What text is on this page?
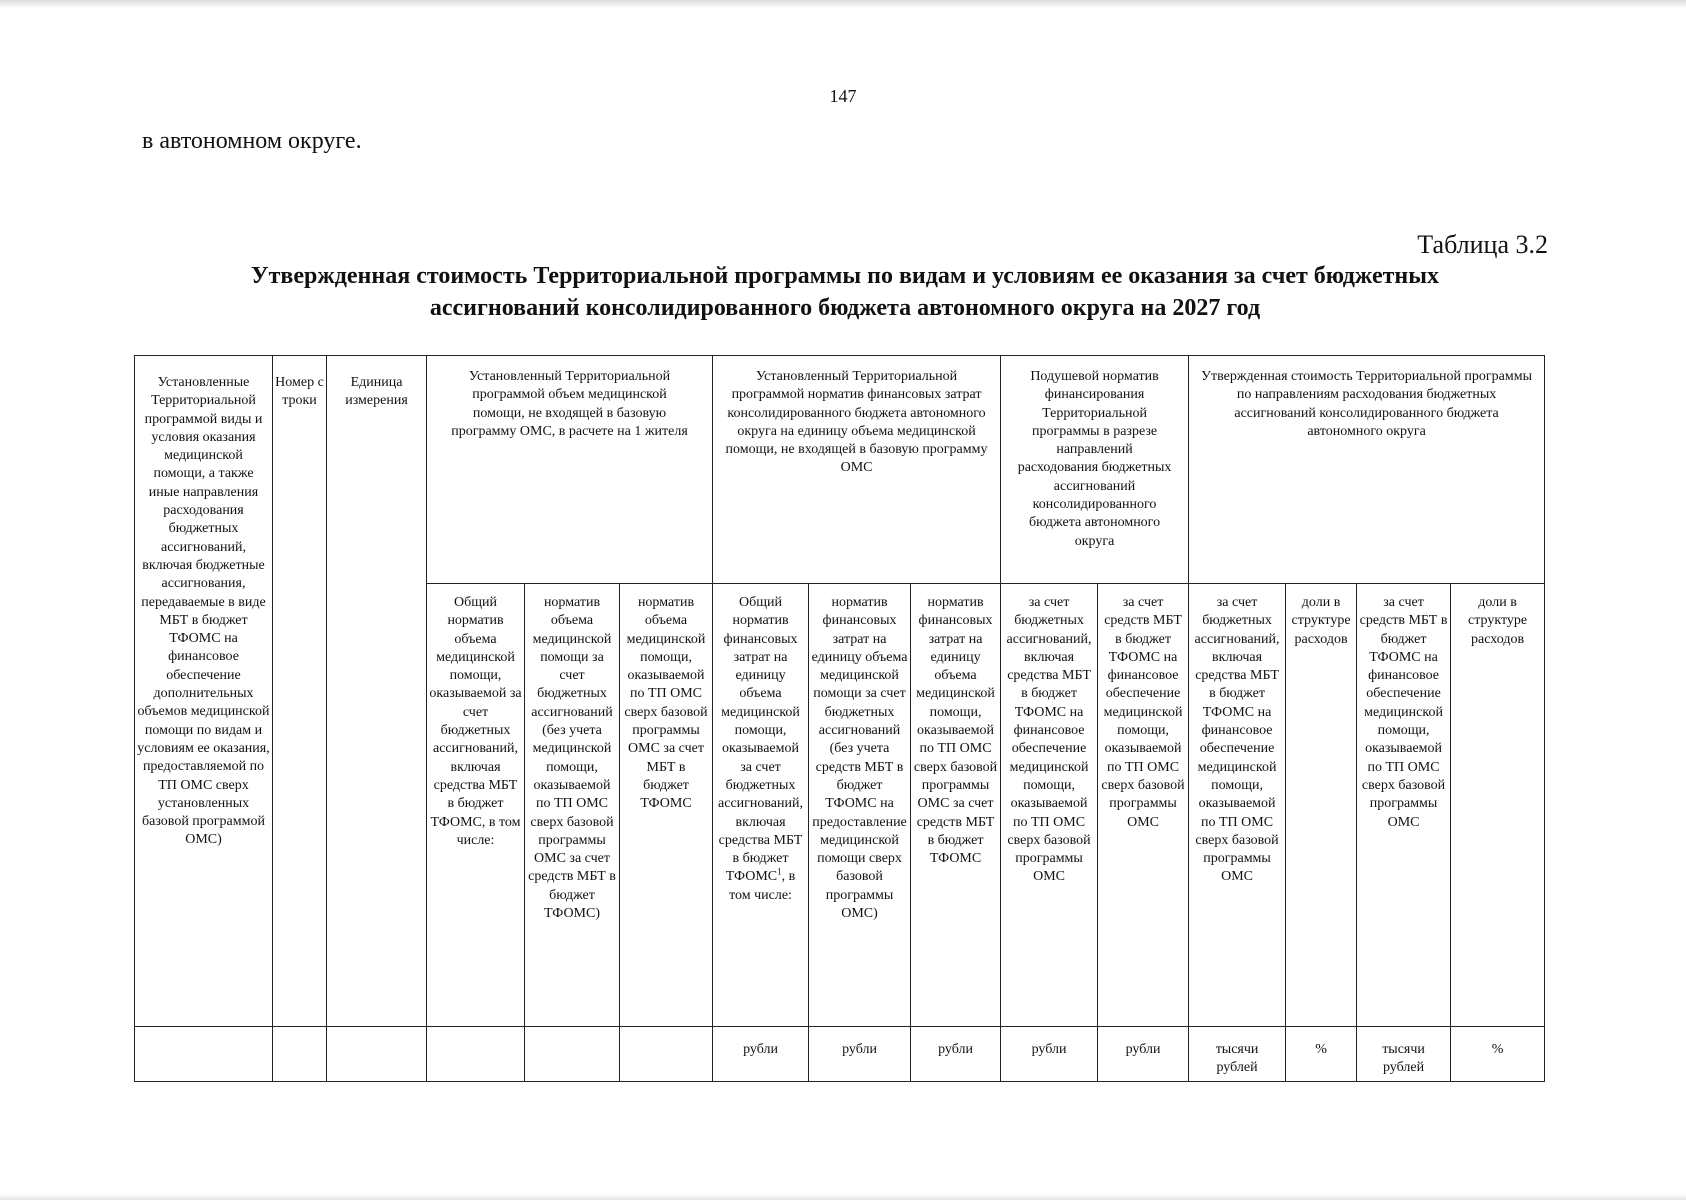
147
в автономном округе.
Таблица 3.2
Утвержденная стоимость Территориальной программы по видам и условиям ее оказания за счет бюджетных
ассигнований консолидированного бюджета автономного округа на 2027 год
Установленные Территориальной программой виды и условия оказания медицинской помощи, а также иные направления расходования бюджетных ассигнований, включая бюджетные ассигнования, передаваемые в виде МБТ в бюджет ТФОМС на финансовое обеспечение дополнительных объемов медицинской помощи по видам и условиям ее оказания, предоставляемой по ТП ОМС сверх установленных базовой программой ОМС)	Номер строки	Единица измерения	Установленный Территориальной программой объем медицинской помощи, не входящей в базовую программу ОМС, в расчете на 1 жителя			Установленный Территориальной программой норматив финансовых затрат консолидированного бюджета автономного округа на единицу объема медицинской помощи, не входящей в базовую программу ОМС			Подушевой норматив финансирования Территориальной программы в разрезе направлений расходования бюджетных ассигнований консолидированного бюджета автономного округа		Утвержденная стоимость Территориальной программы по направлениям расходования бюджетных ассигнований консолидированного бюджета автономного округа			
			Общий норматив объема медицинской помощи, оказываемой за счет бюджетных ассигнований, включая средства МБТ в бюджет ТФОМС, в том числе:	норматив объема медицинской помощи за счет бюджетных ассигнований (без учета медицинской помощи, оказываемой по ТП ОМС сверх базовой программы ОМС за счет средств МБТ в бюджет ТФОМС)	норматив объема медицинской помощи, оказываемой по ТП ОМС сверх базовой программы ОМС за счет МБТ в бюджет ТФОМС	Общий норматив финансовых затрат на единицу объема медицинской помощи, оказываемой за счет бюджетных ассигнований, включая средства МБТ в бюджет ТФОМС$^1$, в том числе:	норматив финансовых затрат на единицу объема медицинской помощи за счет бюджетных ассигнований (без учета средств МБТ в бюджет ТФОМС на предоставление медицинской помощи сверх базовой программы ОМС)	норматив финансовых затрат на единицу объема медицинской помощи, оказываемой по ТП ОМС сверх базовой программы ОМС за счет средств МБТ в бюджет ТФОМС	за счет бюджетных ассигнований, включая средства МБТ в бюджет ТФОМС на финансовое обеспечение медицинской помощи, оказываемой по ТП ОМС сверх базовой программы ОМС	за счет средств МБТ в бюджет ТФОМС на финансовое обеспечение медицинской помощи, оказываемой по ТП ОМС сверх базовой программы ОМС	за счет бюджетных ассигнований, включая средства МБТ в бюджет ТФОМС на финансовое обеспечение медицинской помощи, оказываемой по ТП ОМС сверх базовой программы ОМС	доли в структуре расходов	за счет средств МБТ в бюджет ТФОМС на финансовое обеспечение медицинской помощи, оказываемой по ТП ОМС сверх базовой программы ОМС	доли в структуре расходов
						рубли	рубли	рубли	рубли	рубли	тысячи рублей	%	тысячи рублей	%
